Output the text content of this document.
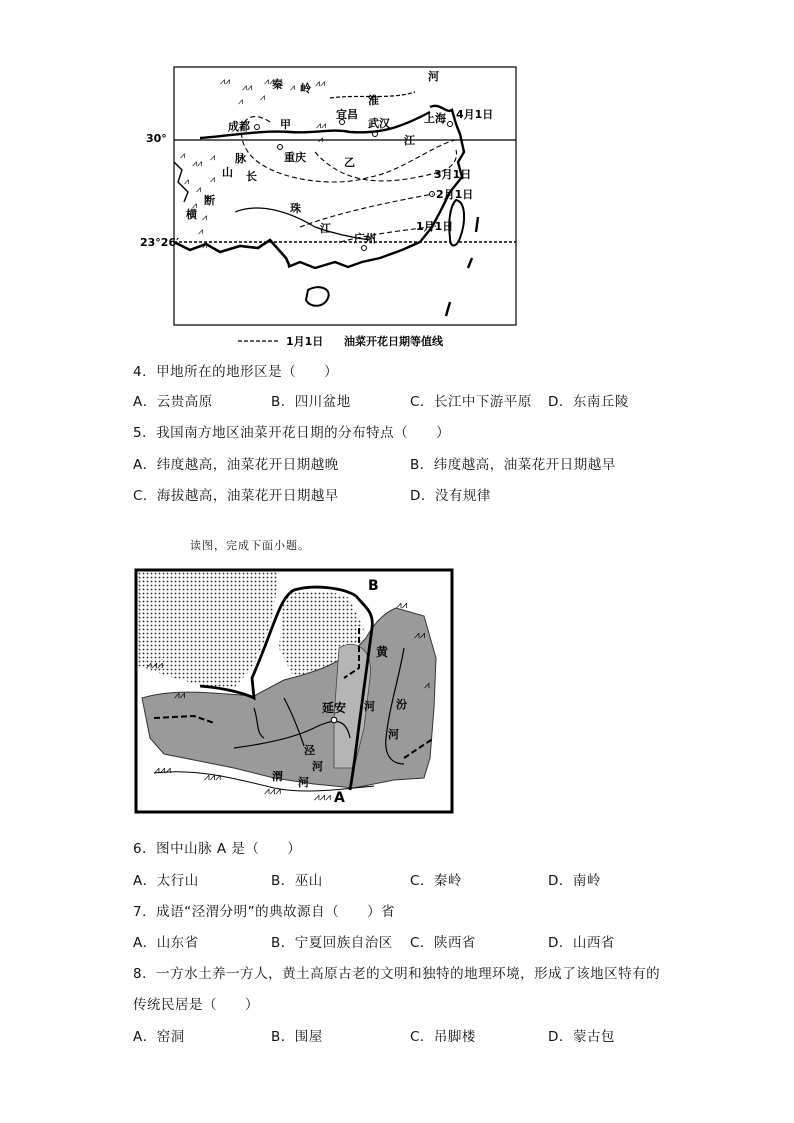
⩘⩘
⩘⩘
⩘⩘
⩘ ⩘⩘
⩘ ⩘
⩘
⩘⩘
⩘
⩘
⩘
⩘
⩘
⩘
⩘
⩘
⩘⩘
⩘
河
秦 岭
淮
成都	甲
宜昌
武汉	上海 4月1日
30°
重庆	乙
江
脉
山 长	3月1日
2月1日
1月1日
珠
江
广州
横
断
23°26′
1月1日 油菜开花日期等值线
4．甲地所在的地形区是（　　）
A．云贵高原	B．四川盆地	C．长江中下游平原 D．东南丘陵
5．我国南方地区油菜开花日期的分布特点（　　）
A．纬度越高，油菜花开日期越晚	B．纬度越高，油菜花开日期越早
C．海拔越高，油菜花开日期越早	D．没有规律
读图，完成下面小题。
⩘⩘⩘
⩘⩘
⩘⩘⩘
⩘⩘⩘
⩘⩘⩘
⩘⩘⩘
⩘⩘
⩘⩘
⩘
B
A
延安
黄
河 汾
河
泾
河
渭 河
6．图中山脉 A 是（　　）
A．太行山	B．巫山	C．秦岭	D．南岭
7．成语“泾渭分明”的典故源自（　　）省
A．山东省	B．宁夏回族自治区 C．陕西省	D．山西省
8．一方水土养一方人，黄土高原古老的文明和独特的地理环境，形成了该地区特有的
传统民居是（　　）
A．窑洞	B．围屋	C．吊脚楼	D．蒙古包
